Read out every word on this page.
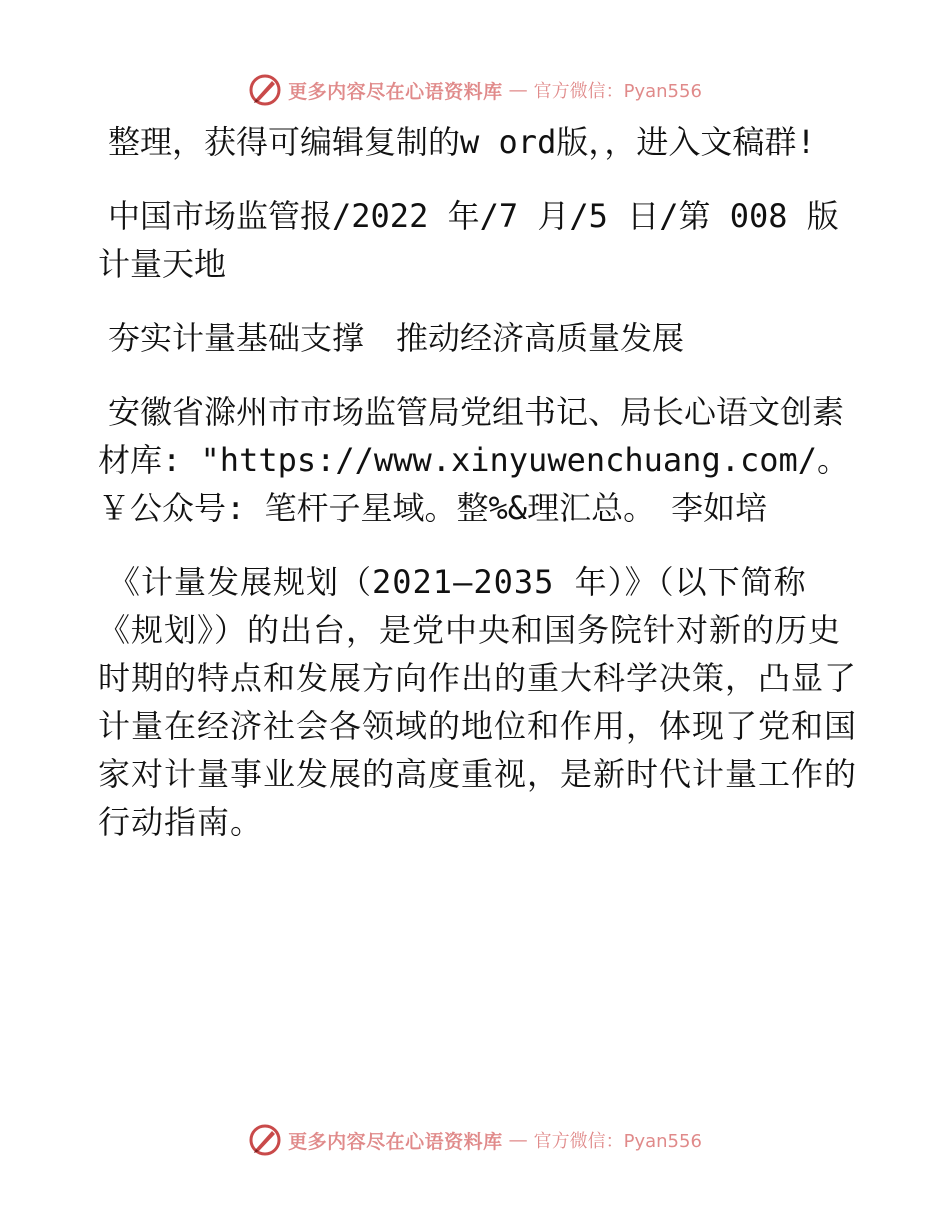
更多内容尽在心语资料库 — 官方微信：Pyan556

整理，获得可编辑复制的w ord版，，进入文稿群!

中国市场监管报/2022 年/7 月/5 日/第 008 版计量天地

夯实计量基础支撑　推动经济高质量发展

安徽省滁州市市场监管局党组书记、局长心语文创素材库: "https://www.xinyuwenchuang.com/。￥公众号: 笔杆子星域。整%&理汇总。　李如培

《计量发展规划（2021—2035 年）》（以下简称《规划》）的出台，是党中央和国务院针对新的历史时期的特点和发展方向作出的重大科学决策，凸显了计量在经济社会各领域的地位和作用，体现了党和国家对计量事业发展的高度重视，是新时代计量工作的行动指南。

更多内容尽在心语资料库 — 官方微信：Pyan556
